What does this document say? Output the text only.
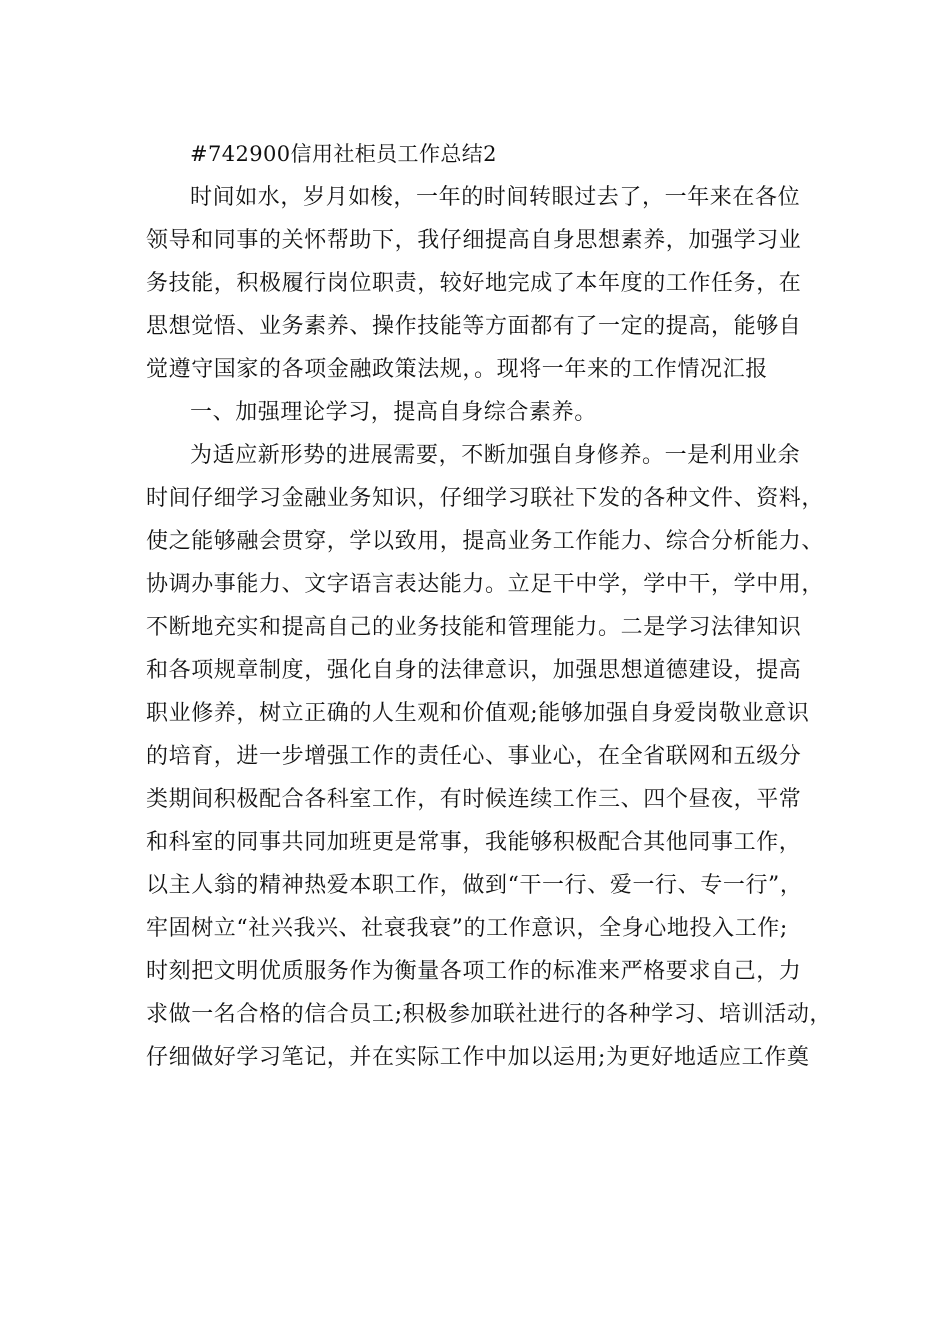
#742900信用社柜员工作总结2
时间如水，岁月如梭，一年的时间转眼过去了，一年来在各位
领导和同事的关怀帮助下，我仔细提高自身思想素养，加强学习业
务技能，积极履行岗位职责，较好地完成了本年度的工作任务，在
思想觉悟、业务素养、操作技能等方面都有了一定的提高，能够自
觉遵守国家的各项金融政策法规，。现将一年来的工作情况汇报
一、加强理论学习，提高自身综合素养。
为适应新形势的进展需要，不断加强自身修养。一是利用业余
时间仔细学习金融业务知识，仔细学习联社下发的各种文件、资料，
使之能够融会贯穿，学以致用，提高业务工作能力、综合分析能力、
协调办事能力、文字语言表达能力。立足干中学，学中干，学中用，
不断地充实和提高自己的业务技能和管理能力。二是学习法律知识
和各项规章制度，强化自身的法律意识，加强思想道德建设，提高
职业修养，树立正确的人生观和价值观;能够加强自身爱岗敬业意识
的培育，进一步增强工作的责任心、事业心，在全省联网和五级分
类期间积极配合各科室工作，有时候连续工作三、四个昼夜，平常
和科室的同事共同加班更是常事，我能够积极配合其他同事工作，
以主人翁的精神热爱本职工作，做到“干一行、爱一行、专一行”，
牢固树立“社兴我兴、社衰我衰”的工作意识，全身心地投入工作;
时刻把文明优质服务作为衡量各项工作的标准来严格要求自己，力
求做一名合格的信合员工;积极参加联社进行的各种学习、培训活动，
仔细做好学习笔记，并在实际工作中加以运用;为更好地适应工作奠
